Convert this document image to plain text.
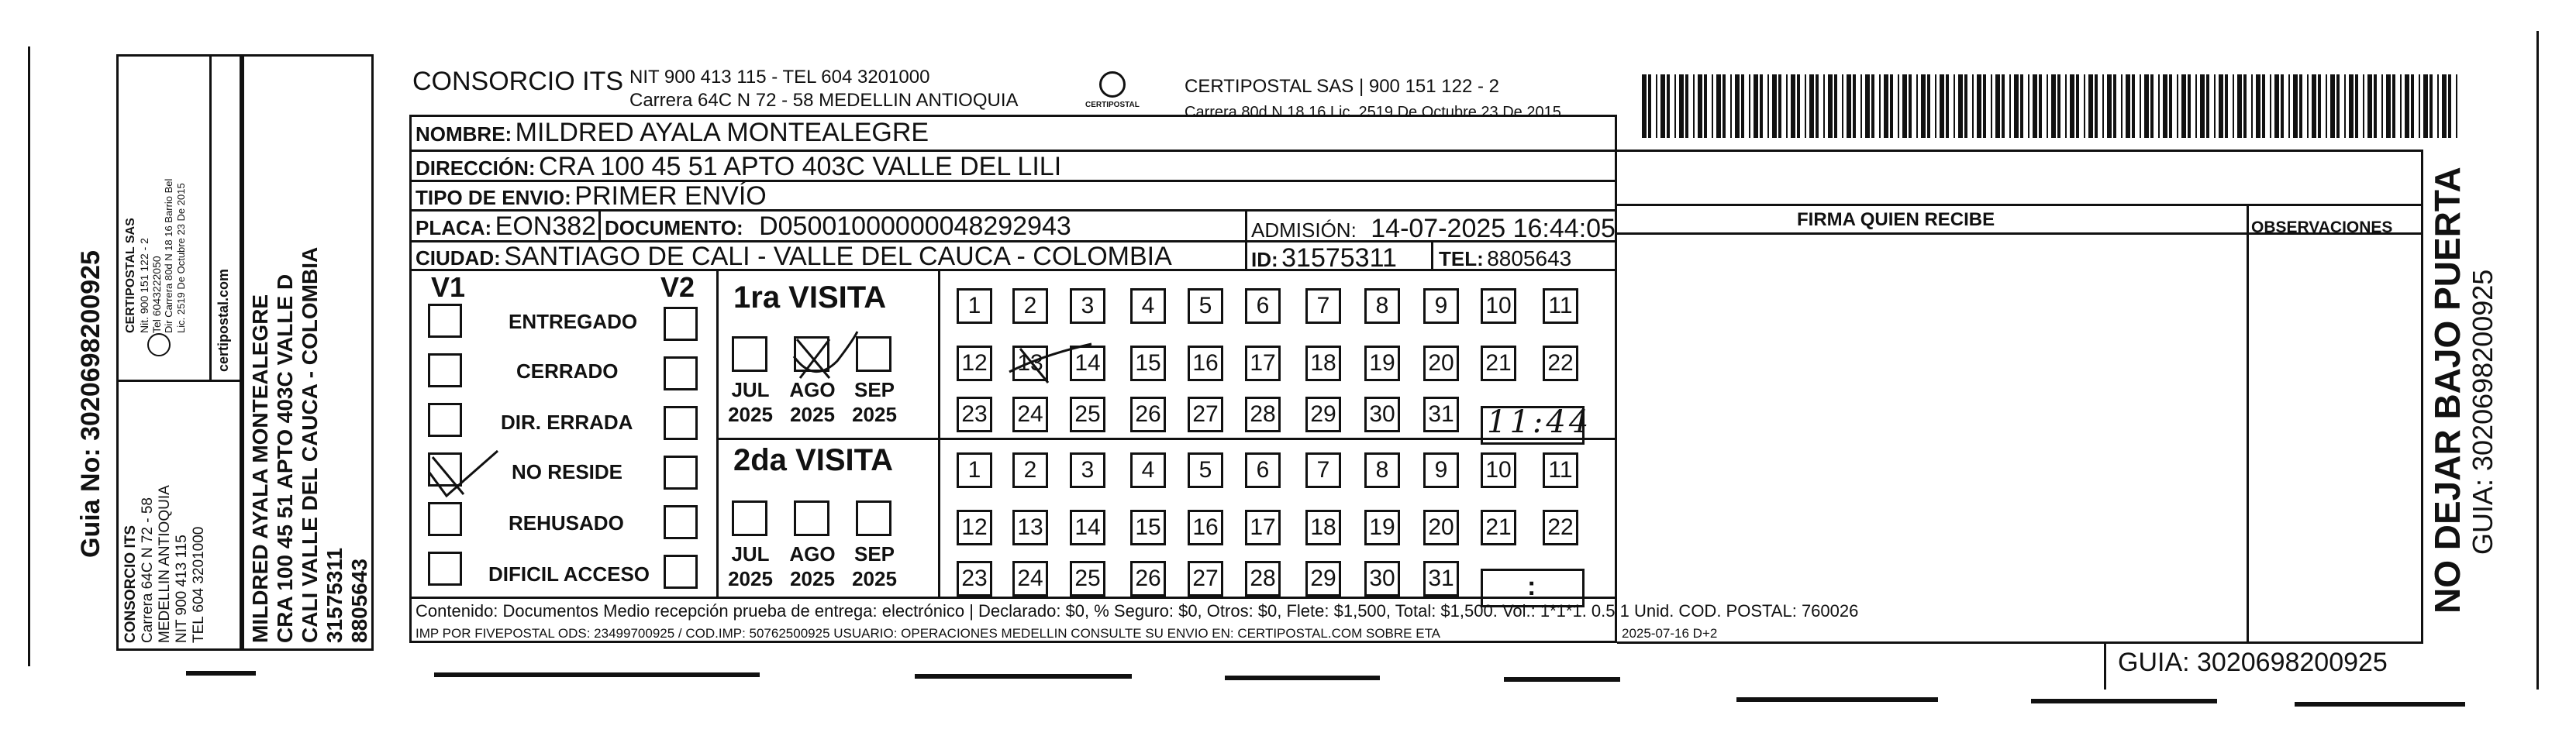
Guia No: 3020698200925
CONSORCIO ITS Carrera 64C N 72 - 58 MEDELLIN ANTIOQUIA NIT 900 413 115 TEL 604 3201000
CERTIPOSTAL SAS Nit. 900 151 122 - 2 Tel 6043222050 Dir Carrera 80d N 18 16 Barrio Bel Lic. 2519 De Octubre 23 De 2015 certipostal.com MILDRED AYALA MONTEALEGRE CRA 100 45 51 APTO 403C VALLE D CALI VALLE DEL CAUCA - COLOMBIA 31575311 8805643
CONSORCIO ITS NIT 900 413 115 - TEL 604 3201000
Carrera 64C N 72 - 58 MEDELLIN ANTIOQUIA	CERTIPOSTAL
CERTIPOSTAL SAS | 900 151 122 - 2
Carrera 80d N 18 16 Lic. 2519 De Octubre 23 De 2015
NOMBRE: MILDRED AYALA MONTEALEGRE
DIRECCIÓN: CRA 100 45 51 APTO 403C VALLE DEL LILI
TIPO DE ENVIO: PRIMER ENVÍO
PLACA: EON382 DOCUMENTO: D05001000000048292943	ADMISIÓN: 14-07-2025 16:44:05
CIUDAD: SANTIAGO DE CALI - VALLE DEL CAUCA - COLOMBIA	ID: 31575311 TEL: 8805643
V1	V2
ENTREGADO
CERRADO
DIR. ERRADA
NO RESIDE
REHUSADO
DIFICIL ACCESO
1ra VISITA
JUL AGO SEP
2025 2025 2025
1	2	3	4	5	6	7	8	9	10 11
12 13 14 15 16 17 18 19 20 21 22
23 24 25 26 27 28 29 30 31 11:44
2da VISITA
JUL AGO SEP
2025 2025 2025
1	2	3	4	5	6	7	8	9	10 11
12 13 14 15 16 17 18 19 20 21 22
23 24 25 26 27 28 29 30 31	:
Contenido: Documentos Medio recepción prueba de entrega: electrónico | Declarado: $0, % Seguro: $0, Otros: $0, Flete: $1,500, Total: $1,500. Vol.: 1*1*1. 0.5 1 Unid. COD. POSTAL: 760026
IMP POR FIVEPOSTAL ODS: 23499700925 / COD.IMP: 50762500925 USUARIO: OPERACIONES MEDELLIN CONSULTE SU ENVIO EN: CERTIPOSTAL.COM SOBRE ETA	2025-07-16 D+2
FIRMA QUIEN RECIBE	OBSERVACIONES
GUIA: 3020698200925
NO DEJAR BAJO PUERTA GUIA: 3020698200925
